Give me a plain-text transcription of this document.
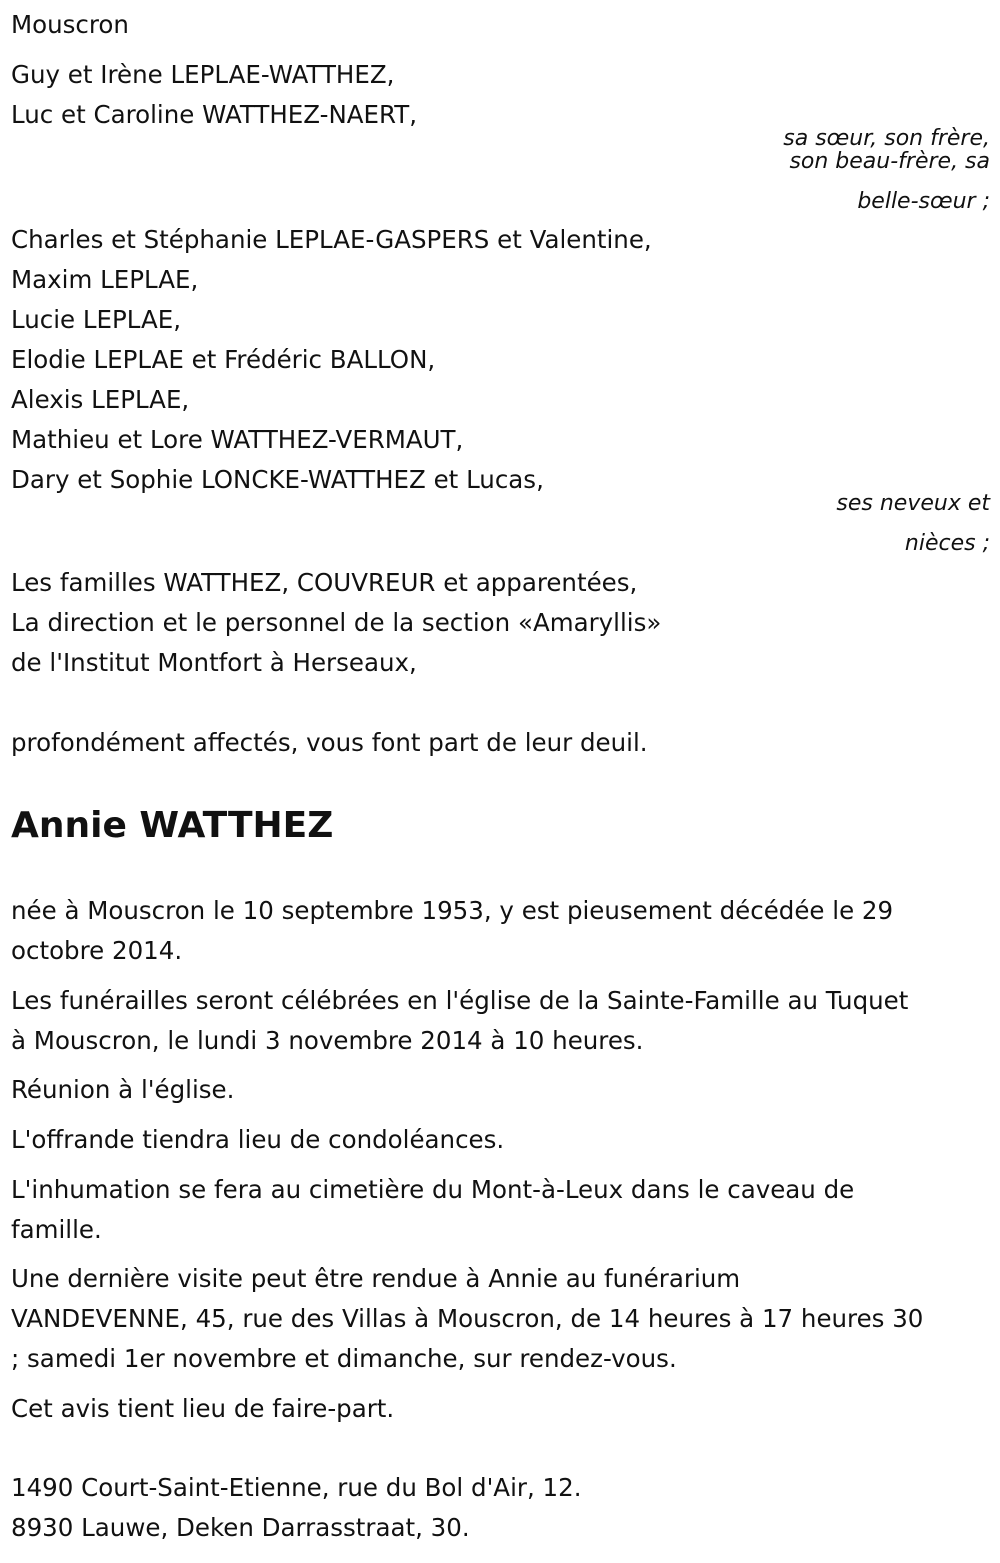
Mouscron

Guy et Irène LEPLAE-WATTHEZ,

Luc et Caroline WATTHEZ-NAERT,

sa sœur, son frère,
son beau-frère, sa
belle-sœur ;

Charles et Stéphanie LEPLAE-GASPERS et Valentine,

Maxim LEPLAE,

Lucie LEPLAE,

Elodie LEPLAE et Frédéric BALLON,

Alexis LEPLAE,

Mathieu et Lore WATTHEZ-VERMAUT,

Dary et Sophie LONCKE-WATTHEZ et Lucas,

ses neveux et
nièces ;

Les familles WATTHEZ, COUVREUR et apparentées,

La direction et le personnel de la section «Amaryllis»

de l'Institut Montfort à Herseaux,

profondément affectés, vous font part de leur deuil.

Annie WATTHEZ

née à Mouscron le 10 septembre 1953, y est pieusement décédée le 29

octobre 2014.

Les funérailles seront célébrées en l'église de la Sainte-Famille au Tuquet

à Mouscron, le lundi 3 novembre 2014 à 10 heures.

Réunion à l'église.

L'offrande tiendra lieu de condoléances.

L'inhumation se fera au cimetière du Mont-à-Leux dans le caveau de

famille.

Une dernière visite peut être rendue à Annie au funérarium

VANDEVENNE, 45, rue des Villas à Mouscron, de 14 heures à 17 heures 30

; samedi 1er novembre et dimanche, sur rendez-vous.

Cet avis tient lieu de faire-part.

1490 Court-Saint-Etienne, rue du Bol d'Air, 12.

8930 Lauwe, Deken Darrasstraat, 30.
